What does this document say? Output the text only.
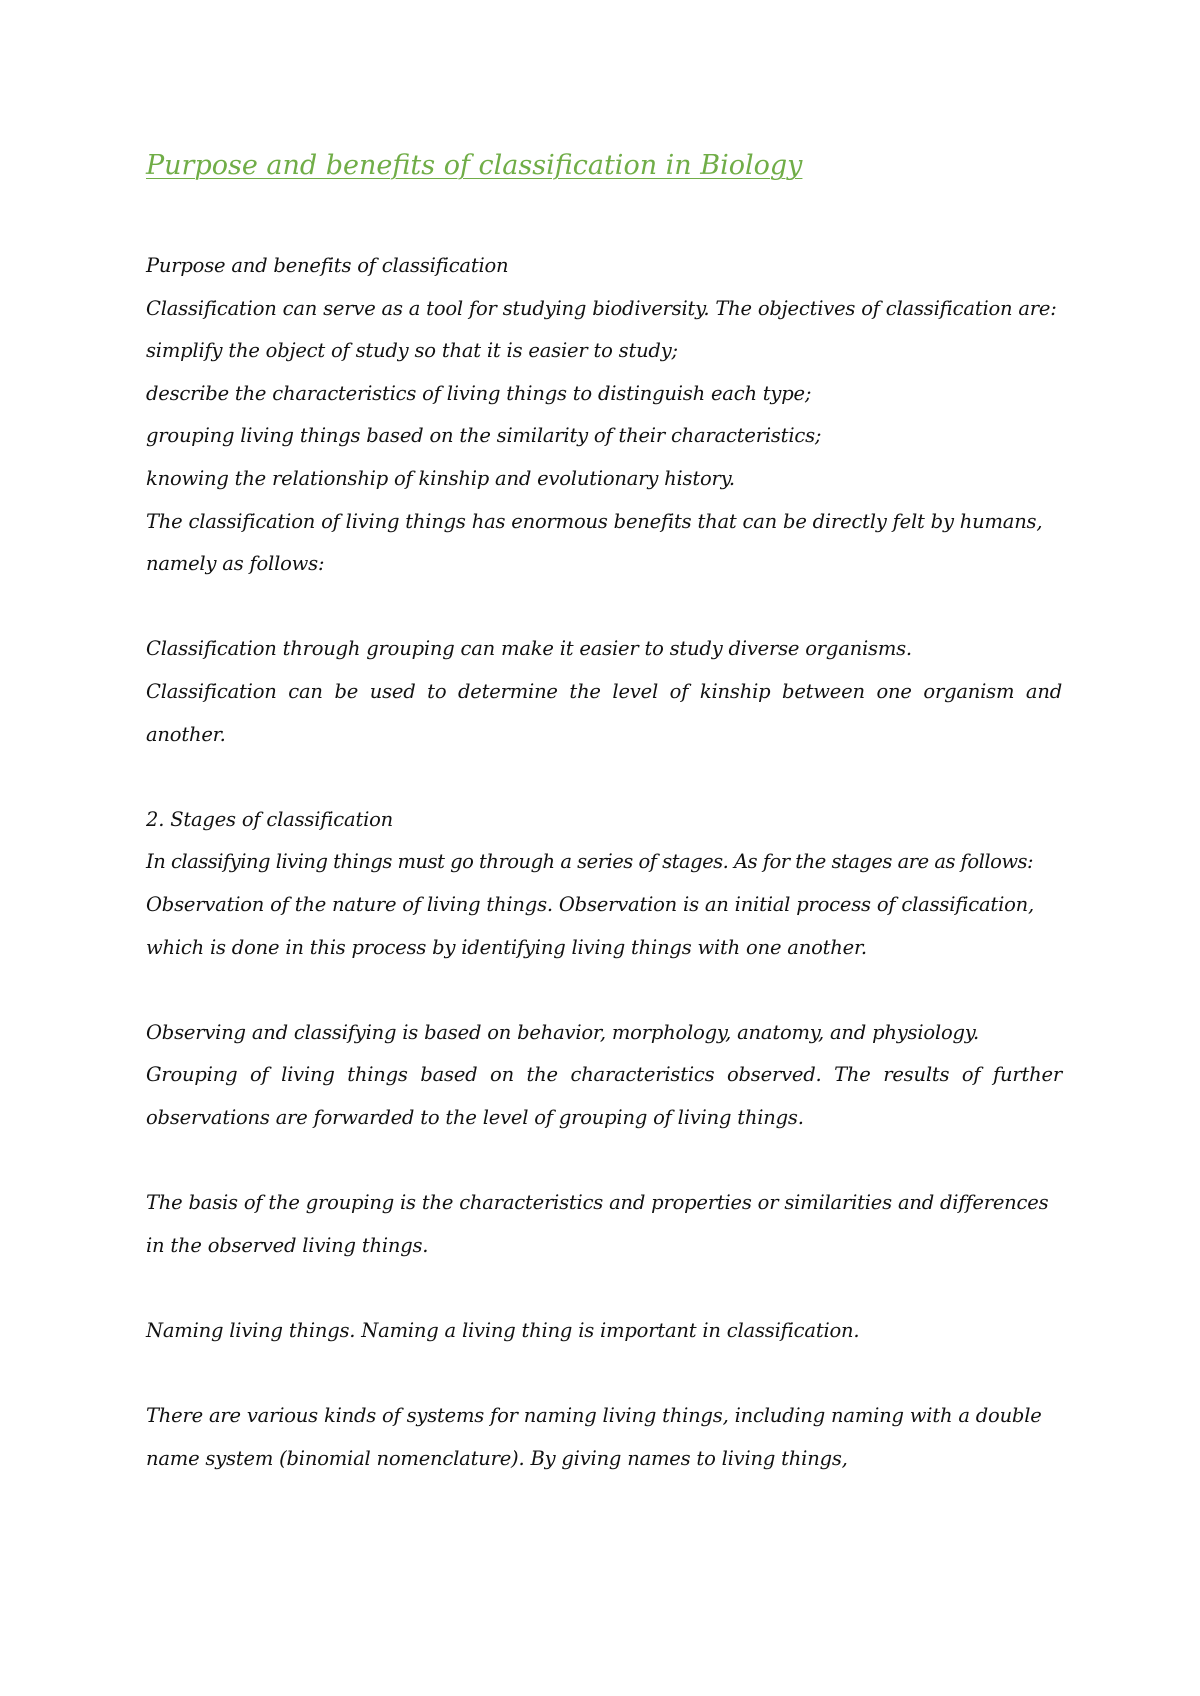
Purpose and benefits of classification in Biology

Purpose and benefits of classification

Classification can serve as a tool for studying biodiversity. The objectives of classification are:

simplify the object of study so that it is easier to study;

describe the characteristics of living things to distinguish each type;

grouping living things based on the similarity of their characteristics;

knowing the relationship of kinship and evolutionary history.

The classification of living things has enormous benefits that can be directly felt by humans, namely as follows:

Classification through grouping can make it easier to study diverse organisms.

Classification can be used to determine the level of kinship between one organism and another.

2. Stages of classification

In classifying living things must go through a series of stages. As for the stages are as follows:

Observation of the nature of living things. Observation is an initial process of classification, which is done in this process by identifying living things with one another.

Observing and classifying is based on behavior, morphology, anatomy, and physiology.

Grouping of living things based on the characteristics observed. The results of further observations are forwarded to the level of grouping of living things.

The basis of the grouping is the characteristics and properties or similarities and differences in the observed living things.

Naming living things. Naming a living thing is important in classification.

There are various kinds of systems for naming living things, including naming with a double name system (binomial nomenclature). By giving names to living things,
